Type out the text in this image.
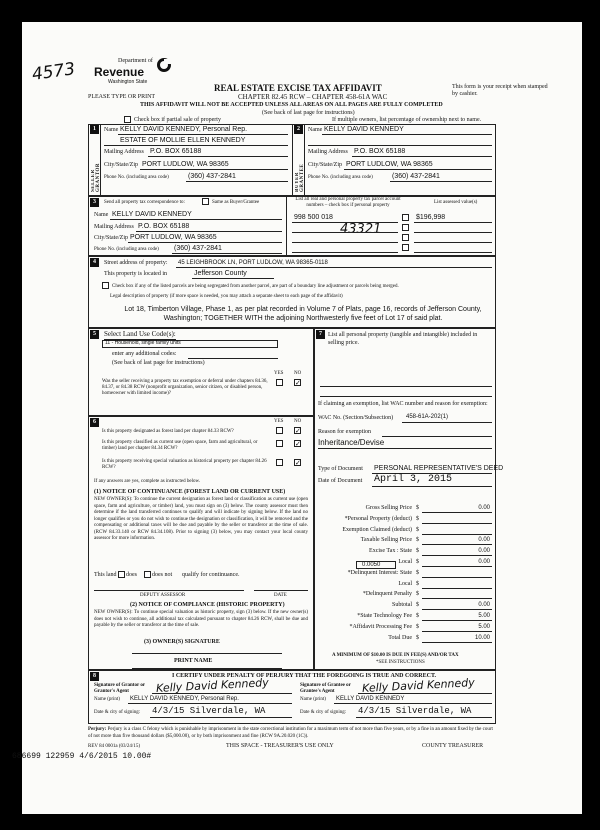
4573	Department of
Revenue
Washington State
PLEASE TYPE OR PRINT
REAL ESTATE EXCISE TAX AFFIDAVIT
CHAPTER 82.45 RCW – CHAPTER 458-61A WAC
THIS AFFIDAVIT WILL NOT BE ACCEPTED UNLESS ALL AREAS ON ALL PAGES ARE FULLY COMPLETED
(See back of last page for instructions)
This form is your receipt when stamped by cashier.
Check box if partial sale of property	If multiple owners, list percentage of ownership next to name.
1	2
SELLER GRANTOR	BUYER GRANTEE
Name KELLY DAVID KENNEDY, Personal Rep.
ESTATE OF MOLLIE ELLEN KENNEDY
Mailing Address P.O. BOX 65188
City/State/Zip PORT LUDLOW, WA 98365
Phone No. (including area code)	(360) 437-2841
Name KELLY DAVID KENNEDY
Mailing Address P.O. BOX 65188
City/State/Zip PORT LUDLOW, WA 98365
Phone No. (including area code)	(360) 437-2841
3	Send all property tax correspondence to:	Same as Buyer/Grantee
Name KELLY DAVID KENNEDY
Mailing Address P.O. BOX 65188
City/State/Zip PORT LUDLOW, WA 98365
Phone No. (including area code) (360) 437-2841
List all real and personal property tax parcel account numbers – check box if personal property
List assessed value(s)
998 500 018	$196,998
43321
4	Street address of property: 45 LEIGHBROOK LN, PORT LUDLOW, WA 98365-0118
This property is located in	Jefferson County
Check box if any of the listed parcels are being segregated from another parcel, are part of a boundary line adjustment or parcels being merged.
Legal description of property (if more space is needed, you may attach a separate sheet to each page of the affidavit)
Lot 18, Timberton Village, Phase 1, as per plat recorded in Volume 7 of Plats, page 16, records of Jefferson County, Washington; TOGETHER WITH the adjoining Northwesterly five feet of Lot 17 of said plat.
5	Select Land Use Code(s):
11 - Household, single family units
enter any additional codes:
(See back of last page for instructions)
YES NO
Was the seller receiving a property tax exemption or deferral under chapters 84.36, 84.37, or 84.38 RCW (nonprofit organization, senior citizen, or disabled person, homeowner with limited income)?
✓
6	YES NO
Is this property designated as forest land per chapter 84.33 RCW?	✓
Is this property classified as current use (open space, farm and agricultural, or timber) land per chapter 84.34 RCW?
✓
Is this property receiving special valuation as historical property per chapter 84.26 RCW?
✓
If any answers are yes, complete as instructed below.
(1) NOTICE OF CONTINUANCE (FOREST LAND OR CURRENT USE)
NEW OWNER(S): To continue the current designation as forest land or classification as current use (open space, farm and agriculture, or timber) land, you must sign on (3) below. The county assessor must then determine if the land transferred continues to qualify and will indicate by signing below. If the land no longer qualifies or you do not wish to continue the designation or classification, it will be removed and the compensating or additional taxes will be due and payable by the seller or transferor at the time of sale. (RCW 84.33.140 or RCW 84.34.108). Prior to signing (3) below, you may contact your local county assessor for more information.
This land does	does not qualify for continuance.
DEPUTY ASSESSOR	DATE
(2) NOTICE OF COMPLIANCE (HISTORIC PROPERTY)
NEW OWNER(S): To continue special valuation as historic property, sign (3) below. If the new owner(s) does not wish to continue, all additional tax calculated pursuant to chapter 84.26 RCW, shall be due and payable by the seller or transferor at the time of sale.
(3) OWNER(S) SIGNATURE
PRINT NAME
7	List all personal property (tangible and intangible) included in selling price.
If claiming an exemption, list WAC number and reason for exemption:
WAC No. (Section/Subsection) 458-61A-202(1)
Reason for exemption
Inheritance/Devise
Type of Document PERSONAL REPRESENTATIVE'S DEED
Date of Document April 3, 2015
Gross Selling Price $	0.00
*Personal Property (deduct) $
Exemption Claimed (deduct) $
Taxable Selling Price $	0.00
Excise Tax : State $	0.00
Local $	0.00
*Delinquent Interest: State $
Local $
*Delinquent Penalty $
Subtotal $	0.00
*State Technology Fee $	5.00
*Affidavit Processing Fee $	5.00
Total Due $	10.00
0.0050
A MINIMUM OF $10.00 IS DUE IN FEE(S) AND/OR TAX
*SEE INSTRUCTIONS
8	I CERTIFY UNDER PENALTY OF PERJURY THAT THE FOREGOING IS TRUE AND CORRECT.
Signature of Grantor or Grantor's Agent	Kelly David Kennedy
Name (print) KELLY DAVID KENNEDY, Personal Rep.
Date & city of signing: 4/3/15 Silverdale, WA
Signature of Grantee or Grantee's Agent	Kelly David Kennedy
Name (print) KELLY DAVID KENNEDY
Date & city of signing: 4/3/15 Silverdale, WA
Perjury: Perjury is a class C felony which is punishable by imprisonment in the state correctional institution for a maximum term of not more than five years, or by a fine in an amount fixed by the court of not more than five thousand dollars ($5,000.00), or by both imprisonment and fine (RCW 9A.20.020 (1C)).
REV 84 0001a (03/24/15)	THIS SPACE - TREASURER'S USE ONLY	COUNTY TREASURER
686699 122959 4/6/2015 10.00#
